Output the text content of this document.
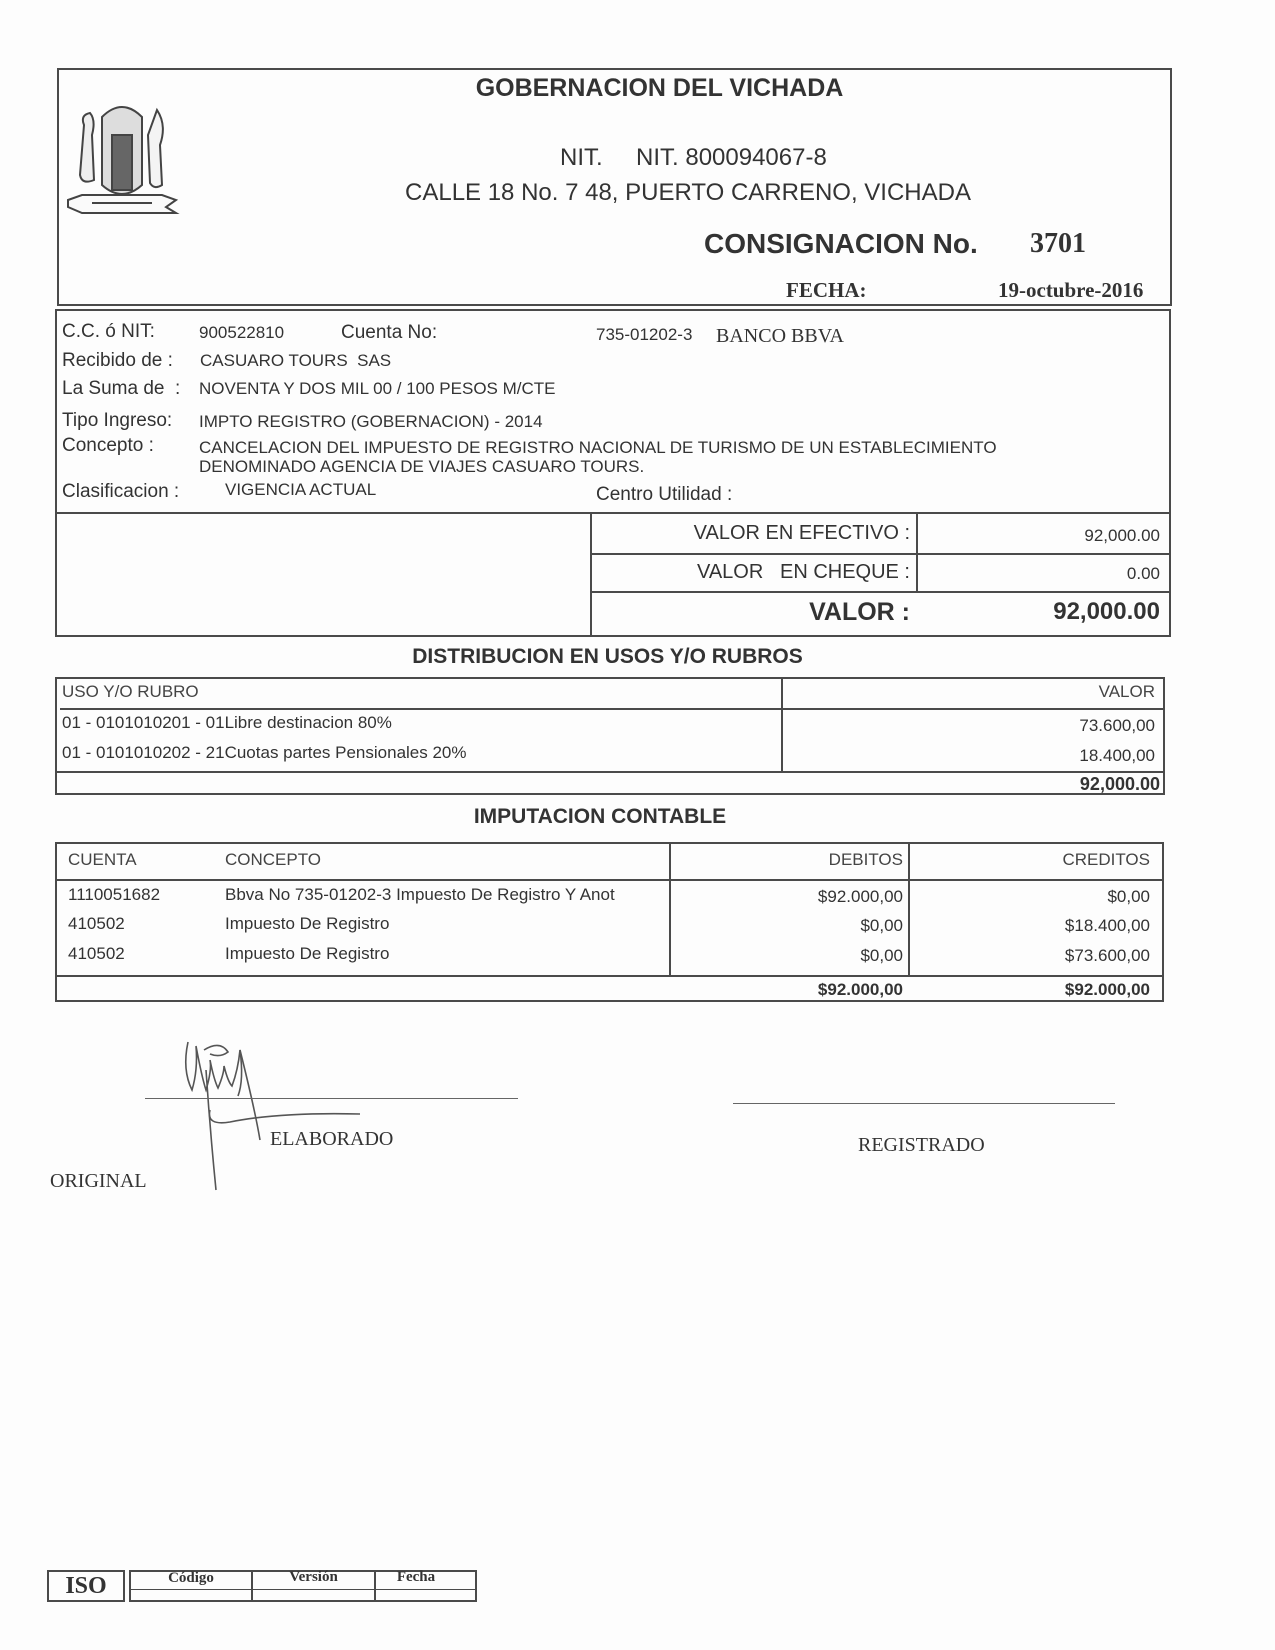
GOBERNACION DEL VICHADA
NIT.     NIT. 800094067-8
CALLE 18 No. 7 48, PUERTO CARRENO, VICHADA
CONSIGNACION No. 3701
FECHA:	19-octubre-2016
C.C. ó NIT:	900522810	Cuenta No:	735-01202-3 BANCO BBVA
Recibido de : CASUARO TOURS  SAS
La Suma de  : NOVENTA Y DOS MIL 00 / 100 PESOS M/CTE
Tipo Ingreso: IMPTO REGISTRO (GOBERNACION) - 2014
Concepto :	CANCELACION DEL IMPUESTO DE REGISTRO NACIONAL DE TURISMO DE UN ESTABLECIMIENTO
DENOMINADO AGENCIA DE VIAJES CASUARO TOURS.
Clasificacion :	VIGENCIA ACTUAL	Centro Utilidad :
VALOR EN EFECTIVO :	92,000.00
VALOR   EN CHEQUE :	0.00
VALOR :	92,000.00
DISTRIBUCION EN USOS Y/O RUBROS
USO Y/O RUBRO	VALOR
01 - 0101010201 - 01Libre destinacion 80%	73.600,00
01 - 0101010202 - 21Cuotas partes Pensionales 20%	18.400,00
92,000.00
IMPUTACION CONTABLE
CUENTA	CONCEPTO	DEBITOS	CREDITOS
1110051682	Bbva No 735-01202-3 Impuesto De Registro Y Anot	$92.000,00	$0,00
410502	Impuesto De Registro	$0,00	$18.400,00
410502	Impuesto De Registro	$0,00	$73.600,00
$92.000,00	$92.000,00
ELABORADO	REGISTRADO
ORIGINAL
ISO	Código	Versión	Fecha
